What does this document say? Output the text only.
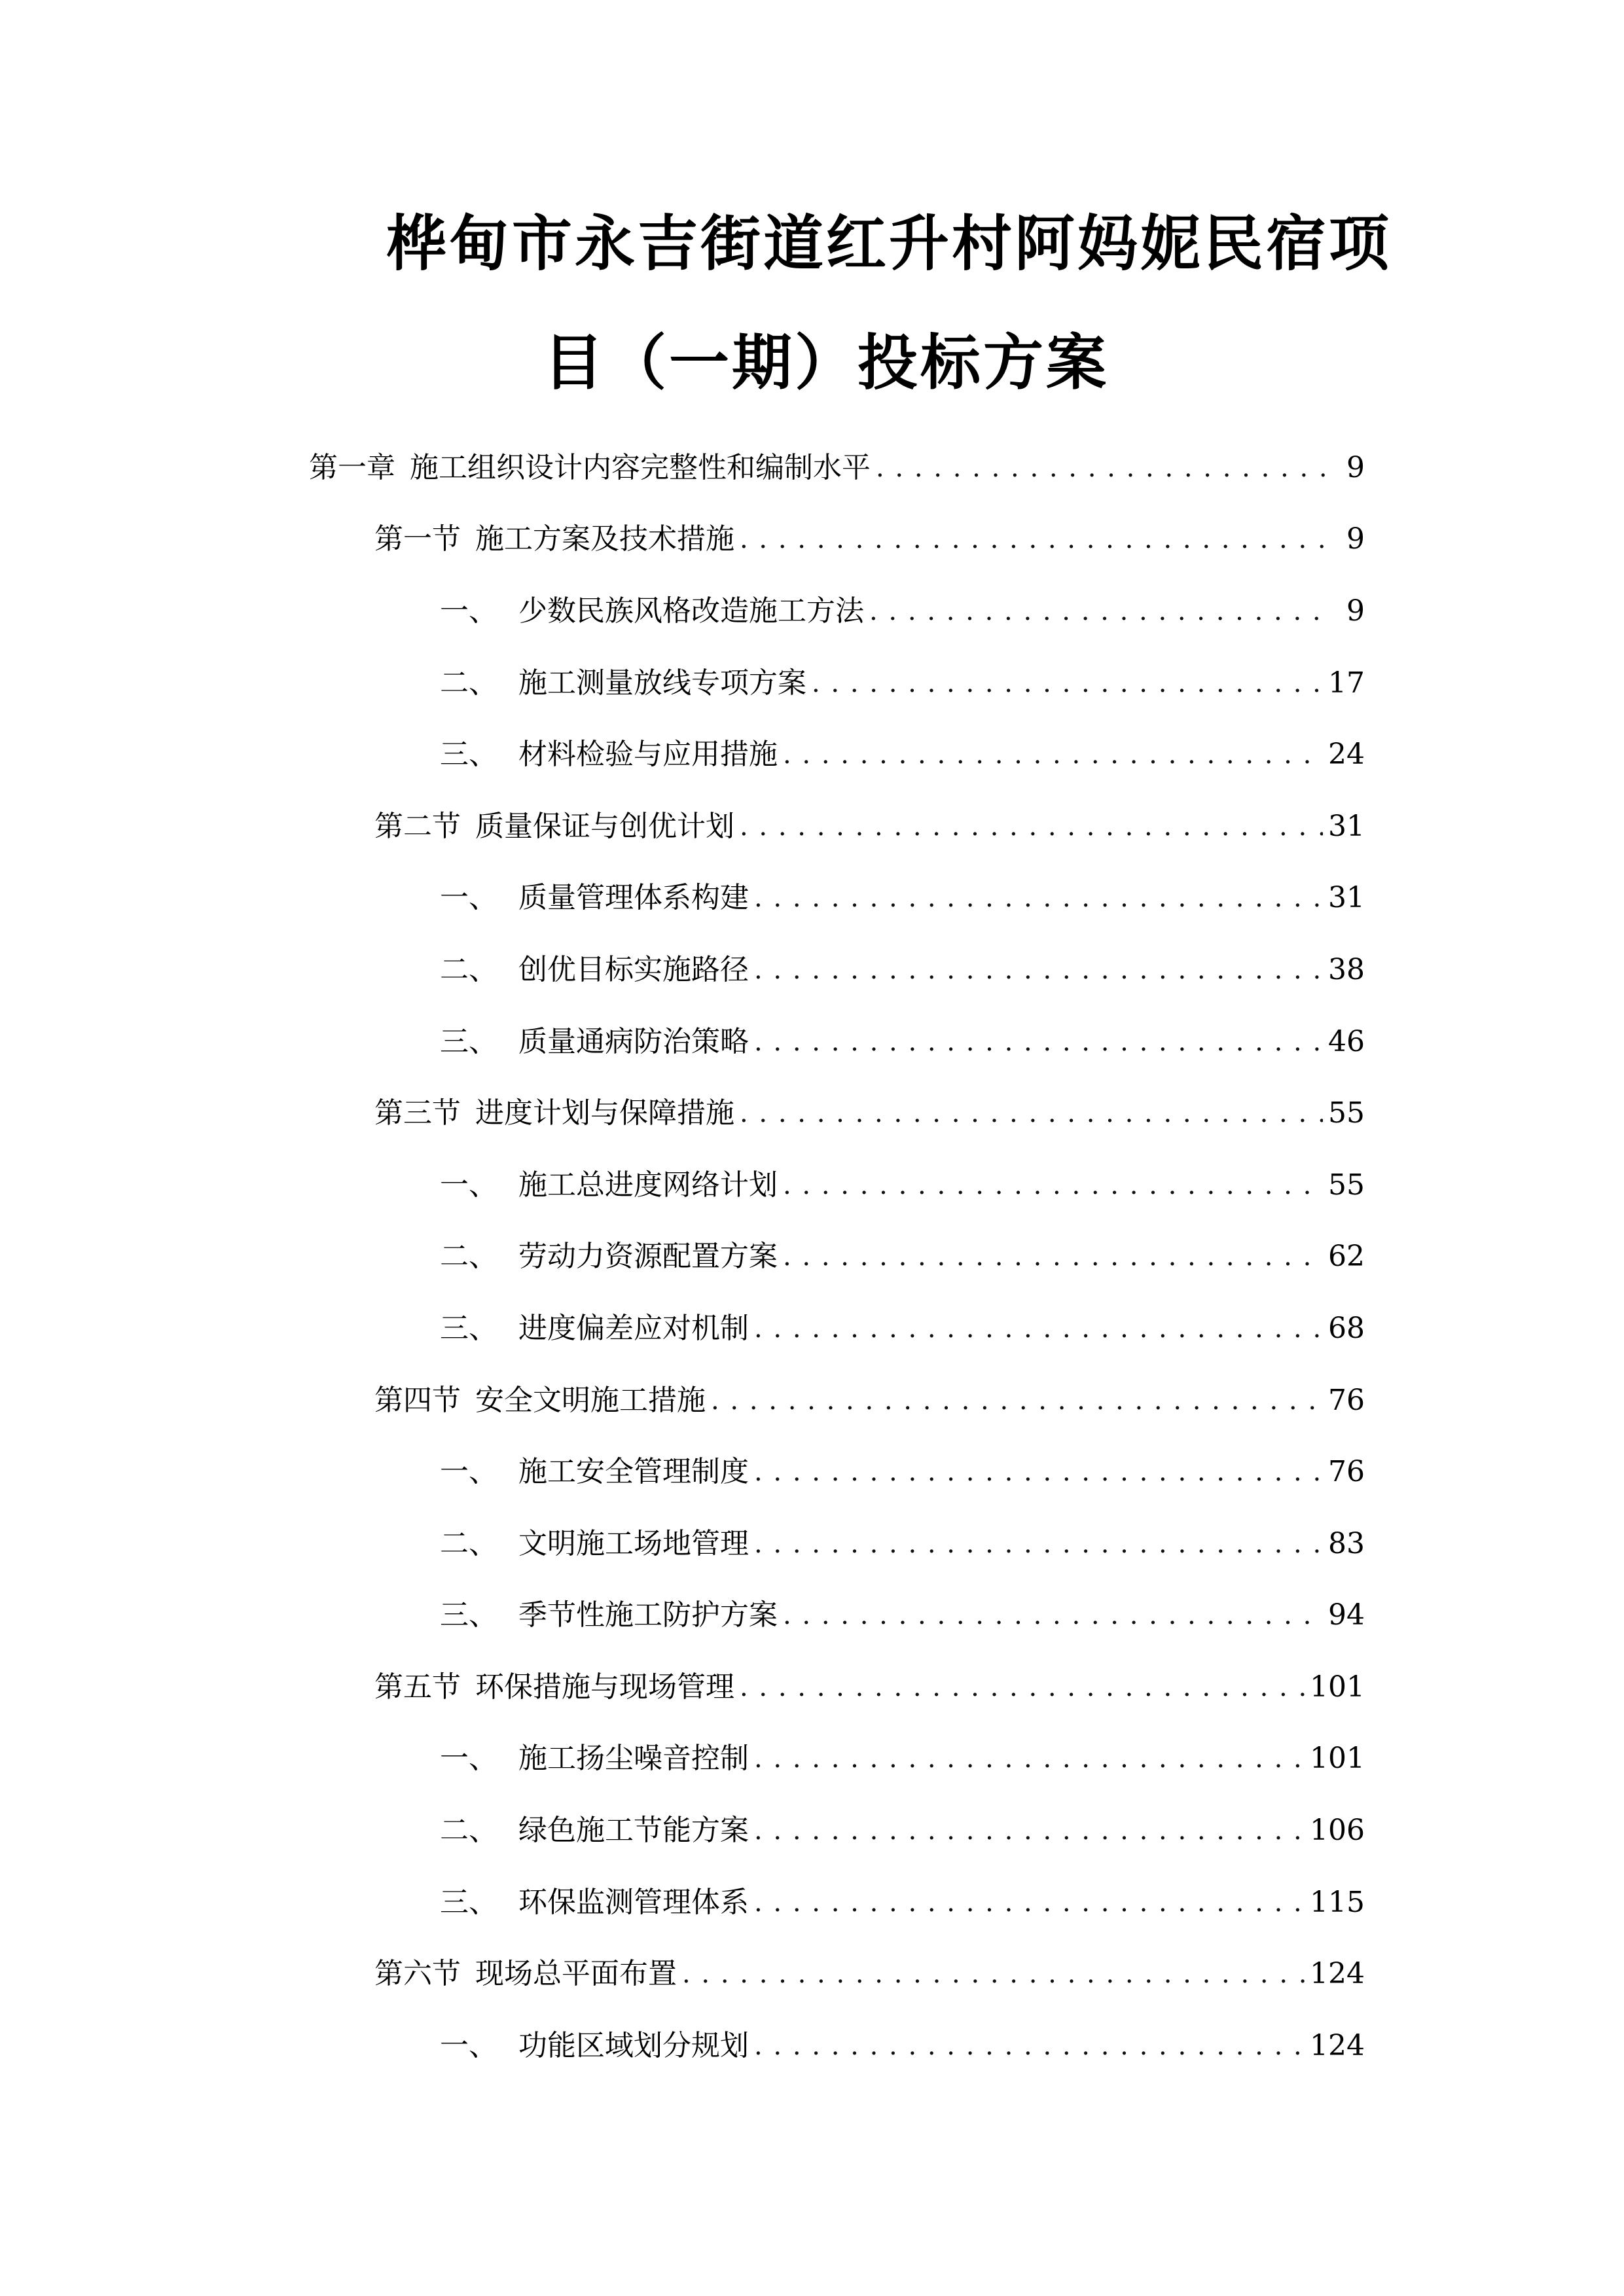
桦甸市永吉街道红升村阿妈妮民宿项
目（一期）投标方案
第一章 施工组织设计内容完整性和编制水平 . . .	9
第一节 施工方案及技术措施 . . .	9
一、 少数民族风格改造施工方法 . . .	9
二、 施工测量放线专项方案 . . .	17
三、 材料检验与应用措施 . . .	24
第二节 质量保证与创优计划 . . .	31
一、 质量管理体系构建 . . .	31
二、 创优目标实施路径 . . .	38
三、 质量通病防治策略 . . .	46
第三节 进度计划与保障措施 . . .	55
一、 施工总进度网络计划 . . .	55
二、 劳动力资源配置方案 . . .	62
三、 进度偏差应对机制 . . .	68
第四节 安全文明施工措施 . . .	76
一、 施工安全管理制度 . . .	76
二、 文明施工场地管理 . . .	83
三、 季节性施工防护方案 . . .	94
第五节 环保措施与现场管理 . . .	101
一、 施工扬尘噪音控制 . . .	101
二、 绿色施工节能方案 . . .	106
三、 环保监测管理体系 . . .	115
第六节 现场总平面布置 . . .	124
一、 功能区域划分规划 . . .	124
